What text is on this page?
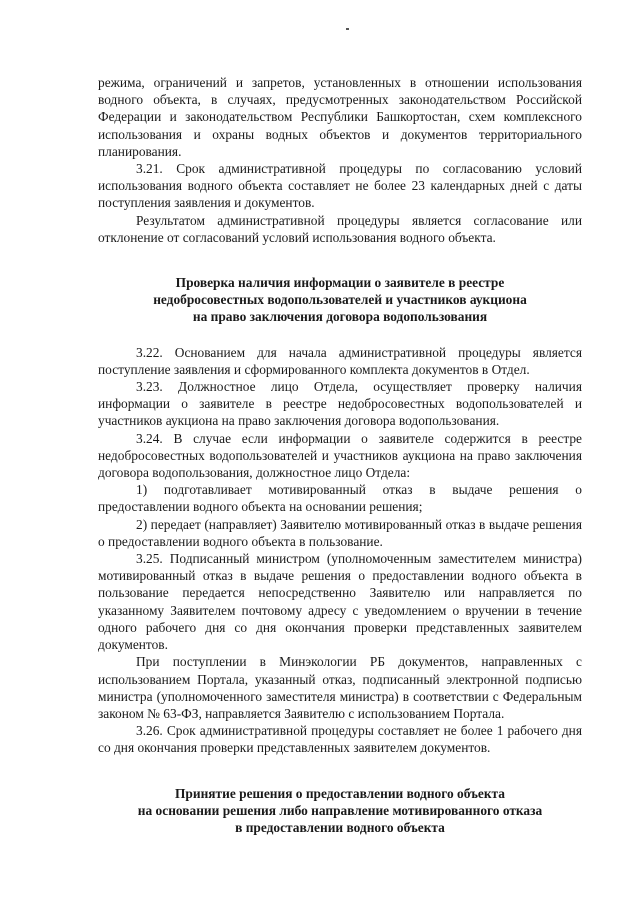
режима, ограничений и запретов, установленных в отношении использования водного объекта, в случаях, предусмотренных законодательством Российской Федерации и законодательством Республики Башкортостан, схем комплексного использования и охраны водных объектов и документов территориального планирования.

3.21. Срок административной процедуры по согласованию условий использования водного объекта составляет не более 23 календарных дней с даты поступления заявления и документов.

Результатом административной процедуры является согласование или отклонение от согласований условий использования водного объекта.

Проверка наличия информации о заявителе в реестре

недобросовестных водопользователей и участников аукциона

на право заключения договора водопользования

3.22. Основанием для начала административной процедуры является поступление заявления и сформированного комплекта документов в Отдел.

3.23. Должностное лицо Отдела, осуществляет проверку наличия информации о заявителе в реестре недобросовестных водопользователей и участников аукциона на право заключения договора водопользования.

3.24. В случае если информации о заявителе содержится в реестре недобросовестных водопользователей и участников аукциона на право заключения договора водопользования, должностное лицо Отдела:

1) подготавливает мотивированный отказ в выдаче решения о предоставлении водного объекта на основании решения;

2) передает (направляет) Заявителю мотивированный отказ в выдаче решения о предоставлении водного объекта в пользование.

3.25. Подписанный министром (уполномоченным заместителем министра) мотивированный отказ в выдаче решения о предоставлении водного объекта в пользование передается непосредственно Заявителю или направляется по указанному Заявителем почтовому адресу с уведомлением о вручении в течение одного рабочего дня со дня окончания проверки представленных заявителем документов.

При поступлении в Минэкологии РБ документов, направленных с использованием Портала, указанный отказ, подписанный электронной подписью министра (уполномоченного заместителя министра) в соответствии с Федеральным законом № 63-ФЗ, направляется Заявителю с использованием Портала.

3.26. Срок административной процедуры составляет не более 1 рабочего дня со дня окончания проверки представленных заявителем документов.

Принятие решения о предоставлении водного объекта

на основании решения либо направление мотивированного отказа

в предоставлении водного объекта
